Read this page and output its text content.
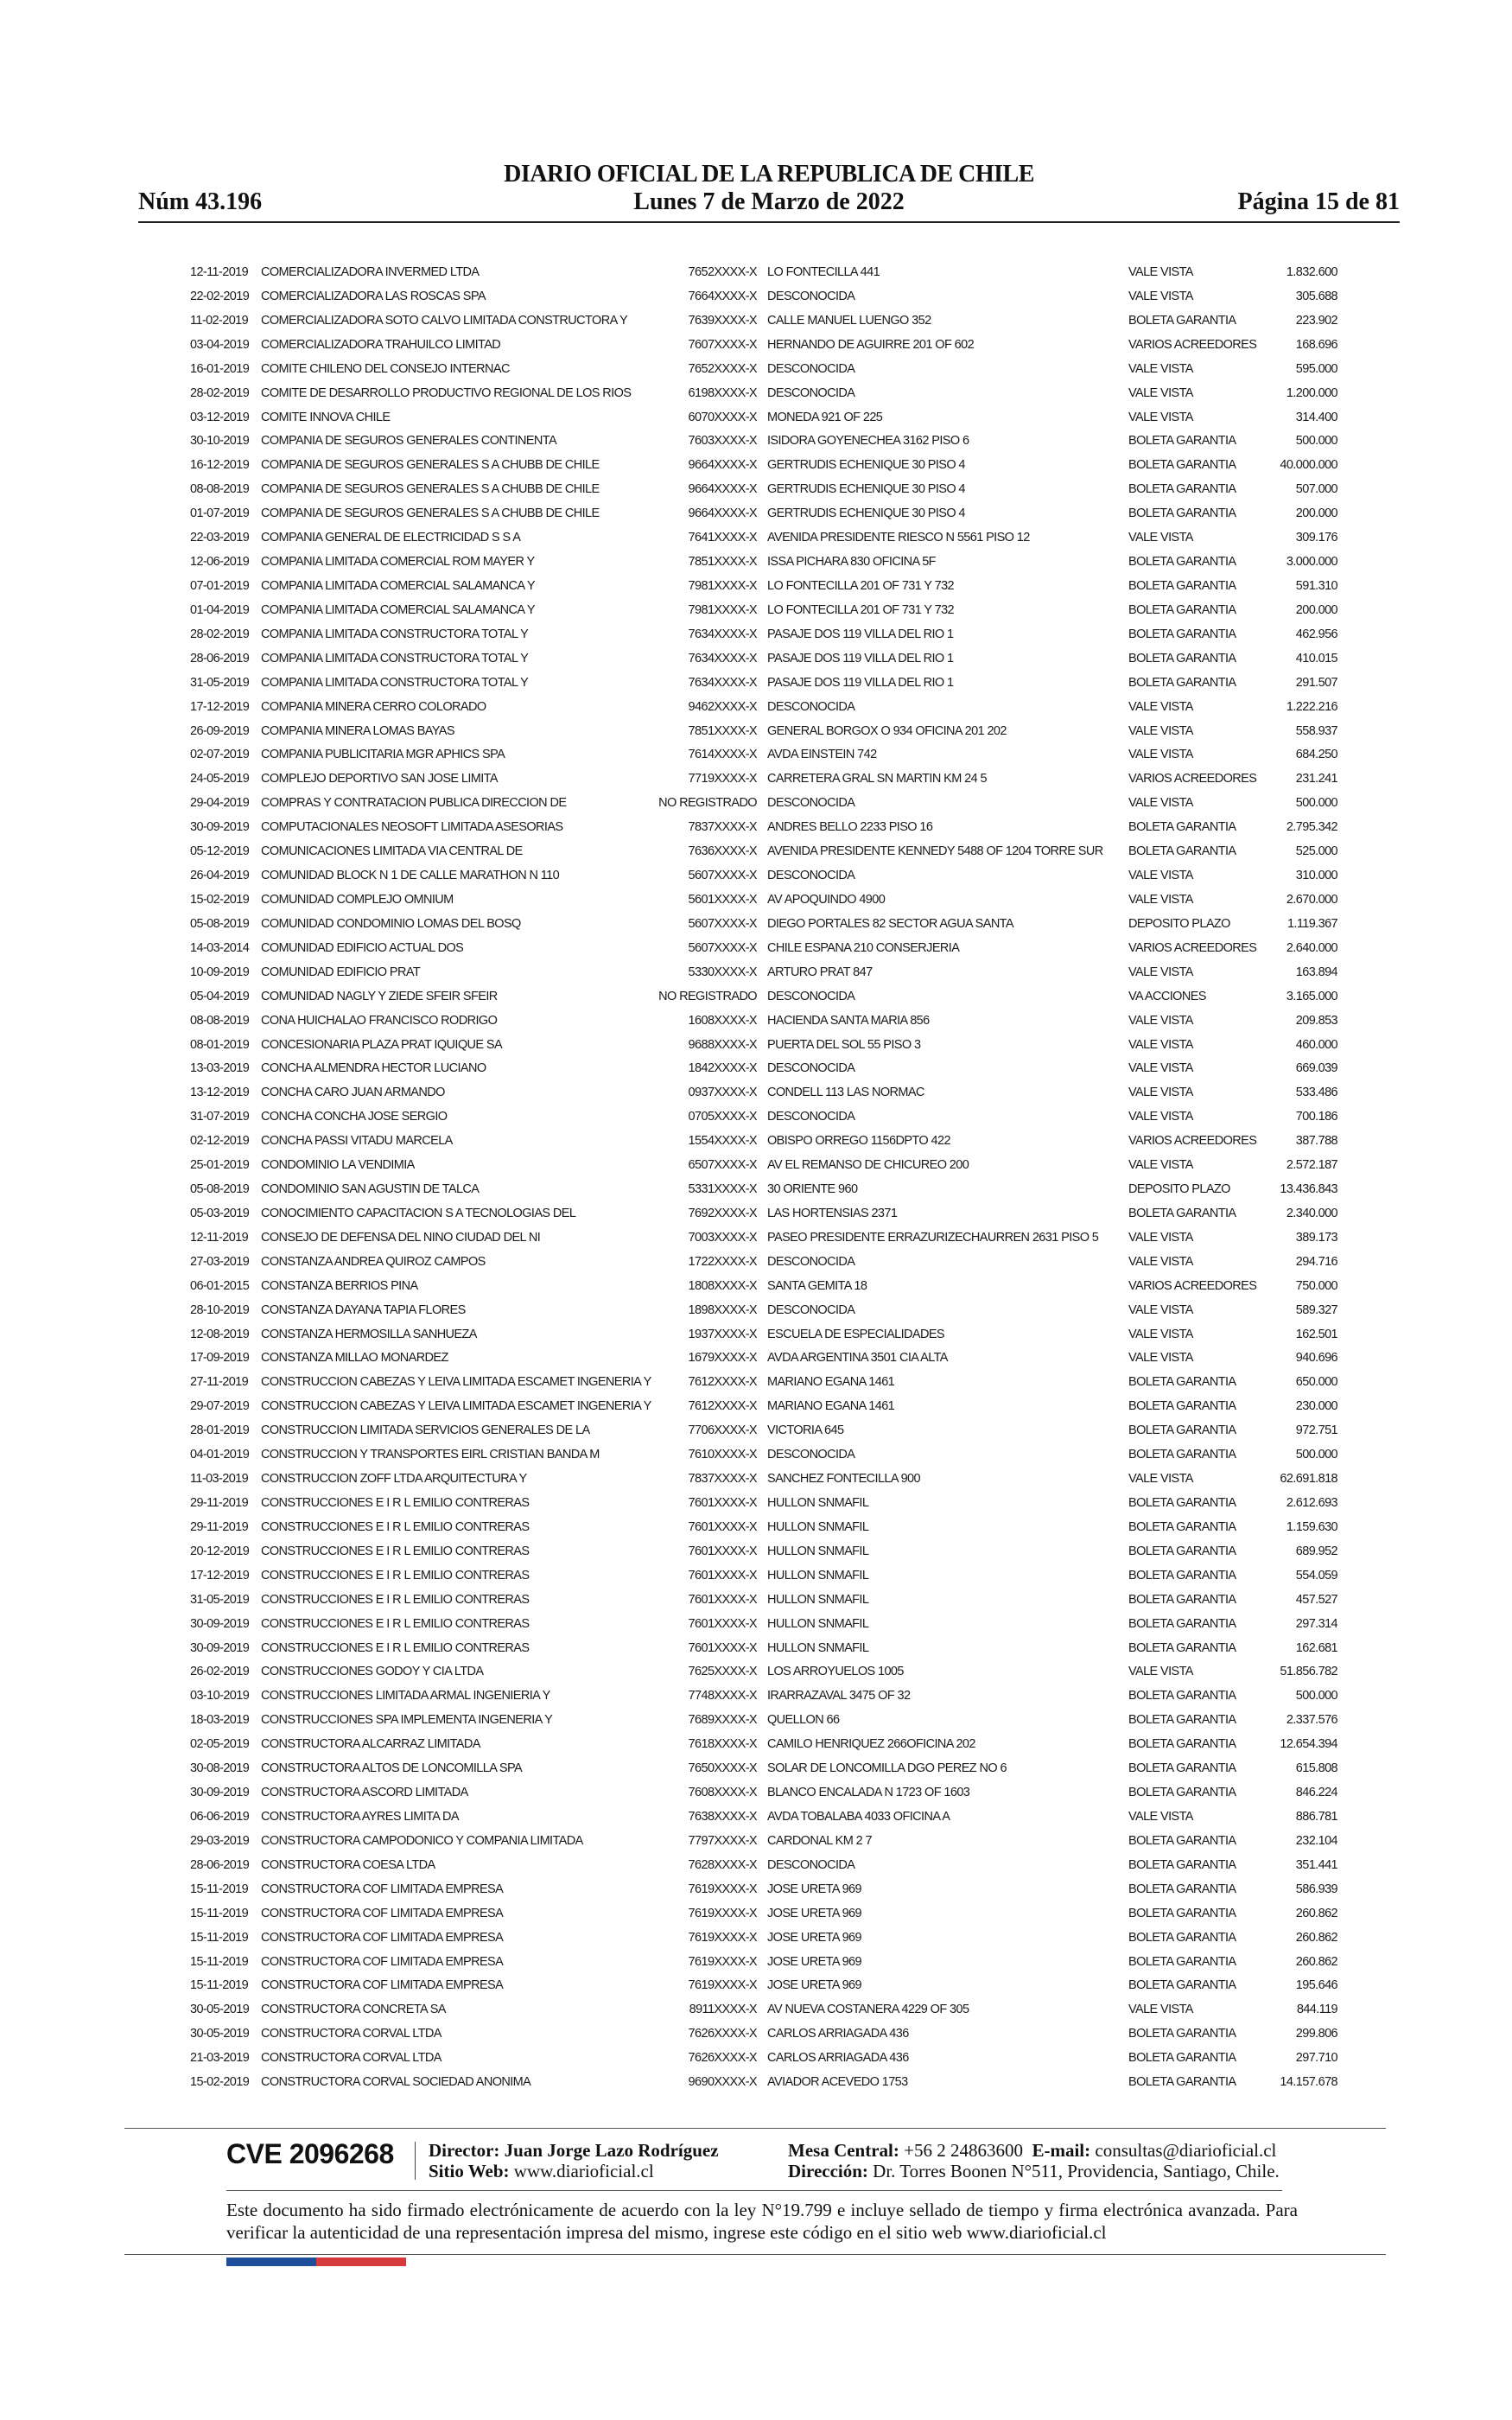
DIARIO OFICIAL DE LA REPUBLICA DE CHILE
Núm 43.196	Lunes 7 de Marzo de 2022	Página 15 de 81
12-11-2019	COMERCIALIZADORA INVERMED LTDA	7652XXXX-X LO FONTECILLA 441	VALE VISTA	1.832.600
22-02-2019 COMERCIALIZADORA LAS ROSCAS SPA	7664XXXX-X DESCONOCIDA	VALE VISTA	305.688
11-02-2019	COMERCIALIZADORA SOTO CALVO LIMITADA CONSTRUCTORA Y	7639XXXX-X CALLE MANUEL LUENGO 352	BOLETA GARANTIA	223.902
03-04-2019 COMERCIALIZADORA TRAHUILCO LIMITAD	7607XXXX-X HERNANDO DE AGUIRRE 201 OF 602	VARIOS ACREEDORES	168.696
16-01-2019 COMITE CHILENO DEL CONSEJO INTERNAC	7652XXXX-X DESCONOCIDA	VALE VISTA	595.000
28-02-2019 COMITE DE DESARROLLO PRODUCTIVO REGIONAL DE LOS RIOS	6198XXXX-X DESCONOCIDA	VALE VISTA	1.200.000
03-12-2019 COMITE INNOVA CHILE	6070XXXX-X MONEDA 921 OF 225	VALE VISTA	314.400
30-10-2019 COMPANIA DE SEGUROS GENERALES CONTINENTA	7603XXXX-X ISIDORA GOYENECHEA 3162 PISO 6	BOLETA GARANTIA	500.000
16-12-2019 COMPANIA DE SEGUROS GENERALES S A CHUBB DE CHILE	9664XXXX-X GERTRUDIS ECHENIQUE 30 PISO 4	BOLETA GARANTIA	40.000.000
08-08-2019 COMPANIA DE SEGUROS GENERALES S A CHUBB DE CHILE	9664XXXX-X GERTRUDIS ECHENIQUE 30 PISO 4	BOLETA GARANTIA	507.000
01-07-2019 COMPANIA DE SEGUROS GENERALES S A CHUBB DE CHILE	9664XXXX-X GERTRUDIS ECHENIQUE 30 PISO 4	BOLETA GARANTIA	200.000
22-03-2019 COMPANIA GENERAL DE ELECTRICIDAD S S A	7641XXXX-X AVENIDA PRESIDENTE RIESCO N 5561 PISO 12	VALE VISTA	309.176
12-06-2019 COMPANIA LIMITADA COMERCIAL ROM MAYER Y	7851XXXX-X ISSA PICHARA 830 OFICINA 5F	BOLETA GARANTIA	3.000.000
07-01-2019 COMPANIA LIMITADA COMERCIAL SALAMANCA Y	7981XXXX-X LO FONTECILLA 201 OF 731 Y 732	BOLETA GARANTIA	591.310
01-04-2019 COMPANIA LIMITADA COMERCIAL SALAMANCA Y	7981XXXX-X LO FONTECILLA 201 OF 731 Y 732	BOLETA GARANTIA	200.000
28-02-2019 COMPANIA LIMITADA CONSTRUCTORA TOTAL Y	7634XXXX-X PASAJE DOS 119 VILLA DEL RIO 1	BOLETA GARANTIA	462.956
28-06-2019 COMPANIA LIMITADA CONSTRUCTORA TOTAL Y	7634XXXX-X PASAJE DOS 119 VILLA DEL RIO 1	BOLETA GARANTIA	410.015
31-05-2019 COMPANIA LIMITADA CONSTRUCTORA TOTAL Y	7634XXXX-X PASAJE DOS 119 VILLA DEL RIO 1	BOLETA GARANTIA	291.507
17-12-2019 COMPANIA MINERA CERRO COLORADO	9462XXXX-X DESCONOCIDA	VALE VISTA	1.222.216
26-09-2019 COMPANIA MINERA LOMAS BAYAS	7851XXXX-X GENERAL BORGOX O 934 OFICINA 201 202	VALE VISTA	558.937
02-07-2019 COMPANIA PUBLICITARIA MGR APHICS SPA	7614XXXX-X AVDA EINSTEIN 742	VALE VISTA	684.250
24-05-2019 COMPLEJO DEPORTIVO SAN JOSE LIMITA	7719XXXX-X CARRETERA GRAL SN MARTIN KM 24 5	VARIOS ACREEDORES	231.241
29-04-2019 COMPRAS Y CONTRATACION PUBLICA DIRECCION DE	NO REGISTRADO DESCONOCIDA	VALE VISTA	500.000
30-09-2019 COMPUTACIONALES NEOSOFT LIMITADA ASESORIAS	7837XXXX-X ANDRES BELLO 2233 PISO 16	BOLETA GARANTIA	2.795.342
05-12-2019 COMUNICACIONES LIMITADA VIA CENTRAL DE	7636XXXX-X AVENIDA PRESIDENTE KENNEDY 5488 OF 1204 TORRE SUR	BOLETA GARANTIA	525.000
26-04-2019 COMUNIDAD BLOCK N 1 DE CALLE MARATHON N 110	5607XXXX-X DESCONOCIDA	VALE VISTA	310.000
15-02-2019 COMUNIDAD COMPLEJO OMNIUM	5601XXXX-X AV APOQUINDO 4900	VALE VISTA	2.670.000
05-08-2019 COMUNIDAD CONDOMINIO LOMAS DEL BOSQ	5607XXXX-X DIEGO PORTALES 82 SECTOR AGUA SANTA	DEPOSITO PLAZO	1.119.367
14-03-2014 COMUNIDAD EDIFICIO ACTUAL DOS	5607XXXX-X CHILE ESPANA 210 CONSERJERIA	VARIOS ACREEDORES	2.640.000
10-09-2019 COMUNIDAD EDIFICIO PRAT	5330XXXX-X ARTURO PRAT 847	VALE VISTA	163.894
05-04-2019 COMUNIDAD NAGLY Y ZIEDE SFEIR SFEIR	NO REGISTRADO DESCONOCIDA	VA ACCIONES	3.165.000
08-08-2019 CONA HUICHALAO FRANCISCO RODRIGO	1608XXXX-X HACIENDA SANTA MARIA 856	VALE VISTA	209.853
08-01-2019 CONCESIONARIA PLAZA PRAT IQUIQUE SA	9688XXXX-X PUERTA DEL SOL 55 PISO 3	VALE VISTA	460.000
13-03-2019 CONCHA ALMENDRA HECTOR LUCIANO	1842XXXX-X DESCONOCIDA	VALE VISTA	669.039
13-12-2019 CONCHA CARO JUAN ARMANDO	0937XXXX-X CONDELL 113 LAS NORMAC	VALE VISTA	533.486
31-07-2019 CONCHA CONCHA JOSE SERGIO	0705XXXX-X DESCONOCIDA	VALE VISTA	700.186
02-12-2019 CONCHA PASSI VITADU MARCELA	1554XXXX-X OBISPO ORREGO 1156DPTO 422	VARIOS ACREEDORES	387.788
25-01-2019 CONDOMINIO LA VENDIMIA	6507XXXX-X AV EL REMANSO DE CHICUREO 200	VALE VISTA	2.572.187
05-08-2019 CONDOMINIO SAN AGUSTIN DE TALCA	5331XXXX-X 30 ORIENTE 960	DEPOSITO PLAZO	13.436.843
05-03-2019 CONOCIMIENTO CAPACITACION S A TECNOLOGIAS DEL	7692XXXX-X LAS HORTENSIAS 2371	BOLETA GARANTIA	2.340.000
12-11-2019	CONSEJO DE DEFENSA DEL NINO CIUDAD DEL NI	7003XXXX-X PASEO PRESIDENTE ERRAZURIZECHAURREN 2631 PISO 5	VALE VISTA	389.173
27-03-2019 CONSTANZA ANDREA QUIROZ CAMPOS	1722XXXX-X DESCONOCIDA	VALE VISTA	294.716
06-01-2015 CONSTANZA BERRIOS PINA	1808XXXX-X SANTA GEMITA 18	VARIOS ACREEDORES	750.000
28-10-2019 CONSTANZA DAYANA TAPIA FLORES	1898XXXX-X DESCONOCIDA	VALE VISTA	589.327
12-08-2019 CONSTANZA HERMOSILLA SANHUEZA	1937XXXX-X ESCUELA DE ESPECIALIDADES	VALE VISTA	162.501
17-09-2019 CONSTANZA MILLAO MONARDEZ	1679XXXX-X AVDA ARGENTINA 3501 CIA ALTA	VALE VISTA	940.696
27-11-2019	CONSTRUCCION CABEZAS Y LEIVA LIMITADA ESCAMET INGENERIA Y	7612XXXX-X MARIANO EGANA 1461	BOLETA GARANTIA	650.000
29-07-2019 CONSTRUCCION CABEZAS Y LEIVA LIMITADA ESCAMET INGENERIA Y	7612XXXX-X MARIANO EGANA 1461	BOLETA GARANTIA	230.000
28-01-2019 CONSTRUCCION LIMITADA SERVICIOS GENERALES DE LA	7706XXXX-X VICTORIA 645	BOLETA GARANTIA	972.751
04-01-2019 CONSTRUCCION Y TRANSPORTES EIRL CRISTIAN BANDA M	7610XXXX-X DESCONOCIDA	BOLETA GARANTIA	500.000
11-03-2019	CONSTRUCCION ZOFF LTDA ARQUITECTURA Y	7837XXXX-X SANCHEZ FONTECILLA 900	VALE VISTA	62.691.818
29-11-2019	CONSTRUCCIONES E I R L EMILIO CONTRERAS	7601XXXX-X HULLON SNMAFIL	BOLETA GARANTIA	2.612.693
29-11-2019	CONSTRUCCIONES E I R L EMILIO CONTRERAS	7601XXXX-X HULLON SNMAFIL	BOLETA GARANTIA	1.159.630
20-12-2019 CONSTRUCCIONES E I R L EMILIO CONTRERAS	7601XXXX-X HULLON SNMAFIL	BOLETA GARANTIA	689.952
17-12-2019 CONSTRUCCIONES E I R L EMILIO CONTRERAS	7601XXXX-X HULLON SNMAFIL	BOLETA GARANTIA	554.059
31-05-2019 CONSTRUCCIONES E I R L EMILIO CONTRERAS	7601XXXX-X HULLON SNMAFIL	BOLETA GARANTIA	457.527
30-09-2019 CONSTRUCCIONES E I R L EMILIO CONTRERAS	7601XXXX-X HULLON SNMAFIL	BOLETA GARANTIA	297.314
30-09-2019 CONSTRUCCIONES E I R L EMILIO CONTRERAS	7601XXXX-X HULLON SNMAFIL	BOLETA GARANTIA	162.681
26-02-2019 CONSTRUCCIONES GODOY Y CIA LTDA	7625XXXX-X LOS ARROYUELOS 1005	VALE VISTA	51.856.782
03-10-2019 CONSTRUCCIONES LIMITADA ARMAL INGENIERIA Y	7748XXXX-X IRARRAZAVAL 3475 OF 32	BOLETA GARANTIA	500.000
18-03-2019 CONSTRUCCIONES SPA IMPLEMENTA INGENERIA Y	7689XXXX-X QUELLON 66	BOLETA GARANTIA	2.337.576
02-05-2019 CONSTRUCTORA ALCARRAZ LIMITADA	7618XXXX-X CAMILO HENRIQUEZ 266OFICINA 202	BOLETA GARANTIA	12.654.394
30-08-2019 CONSTRUCTORA ALTOS DE LONCOMILLA SPA	7650XXXX-X SOLAR DE LONCOMILLA DGO PEREZ NO 6	BOLETA GARANTIA	615.808
30-09-2019 CONSTRUCTORA ASCORD LIMITADA	7608XXXX-X BLANCO ENCALADA N 1723 OF 1603	BOLETA GARANTIA	846.224
06-06-2019 CONSTRUCTORA AYRES LIMITA DA	7638XXXX-X AVDA TOBALABA 4033 OFICINA A	VALE VISTA	886.781
29-03-2019 CONSTRUCTORA CAMPODONICO Y COMPANIA LIMITADA	7797XXXX-X CARDONAL KM 2 7	BOLETA GARANTIA	232.104
28-06-2019 CONSTRUCTORA COESA LTDA	7628XXXX-X DESCONOCIDA	BOLETA GARANTIA	351.441
15-11-2019	CONSTRUCTORA COF LIMITADA EMPRESA	7619XXXX-X JOSE URETA 969	BOLETA GARANTIA	586.939
15-11-2019	CONSTRUCTORA COF LIMITADA EMPRESA	7619XXXX-X JOSE URETA 969	BOLETA GARANTIA	260.862
15-11-2019	CONSTRUCTORA COF LIMITADA EMPRESA	7619XXXX-X JOSE URETA 969	BOLETA GARANTIA	260.862
15-11-2019	CONSTRUCTORA COF LIMITADA EMPRESA	7619XXXX-X JOSE URETA 969	BOLETA GARANTIA	260.862
15-11-2019	CONSTRUCTORA COF LIMITADA EMPRESA	7619XXXX-X JOSE URETA 969	BOLETA GARANTIA	195.646
30-05-2019 CONSTRUCTORA CONCRETA SA	8911XXXX-X AV NUEVA COSTANERA 4229 OF 305	VALE VISTA	844.119
30-05-2019 CONSTRUCTORA CORVAL LTDA	7626XXXX-X CARLOS ARRIAGADA 436	BOLETA GARANTIA	299.806
21-03-2019 CONSTRUCTORA CORVAL LTDA	7626XXXX-X CARLOS ARRIAGADA 436	BOLETA GARANTIA	297.710
15-02-2019 CONSTRUCTORA CORVAL SOCIEDAD ANONIMA	9690XXXX-X AVIADOR ACEVEDO 1753	BOLETA GARANTIA	14.157.678
CVE 2096268 Director: Juan Jorge Lazo Rodríguez
Sitio Web: www.diarioficial.cl
Mesa Central: +56 2 24863600 E-mail: consultas@diarioficial.cl
Dirección: Dr. Torres Boonen N°511, Providencia, Santiago, Chile.
Este documento ha sido firmado electrónicamente de acuerdo con la ley N°19.799 e incluye sellado de tiempo y firma electrónica avanzada. Para verificar la autenticidad de una representación impresa del mismo, ingrese este código en el sitio web www.diarioficial.cl
